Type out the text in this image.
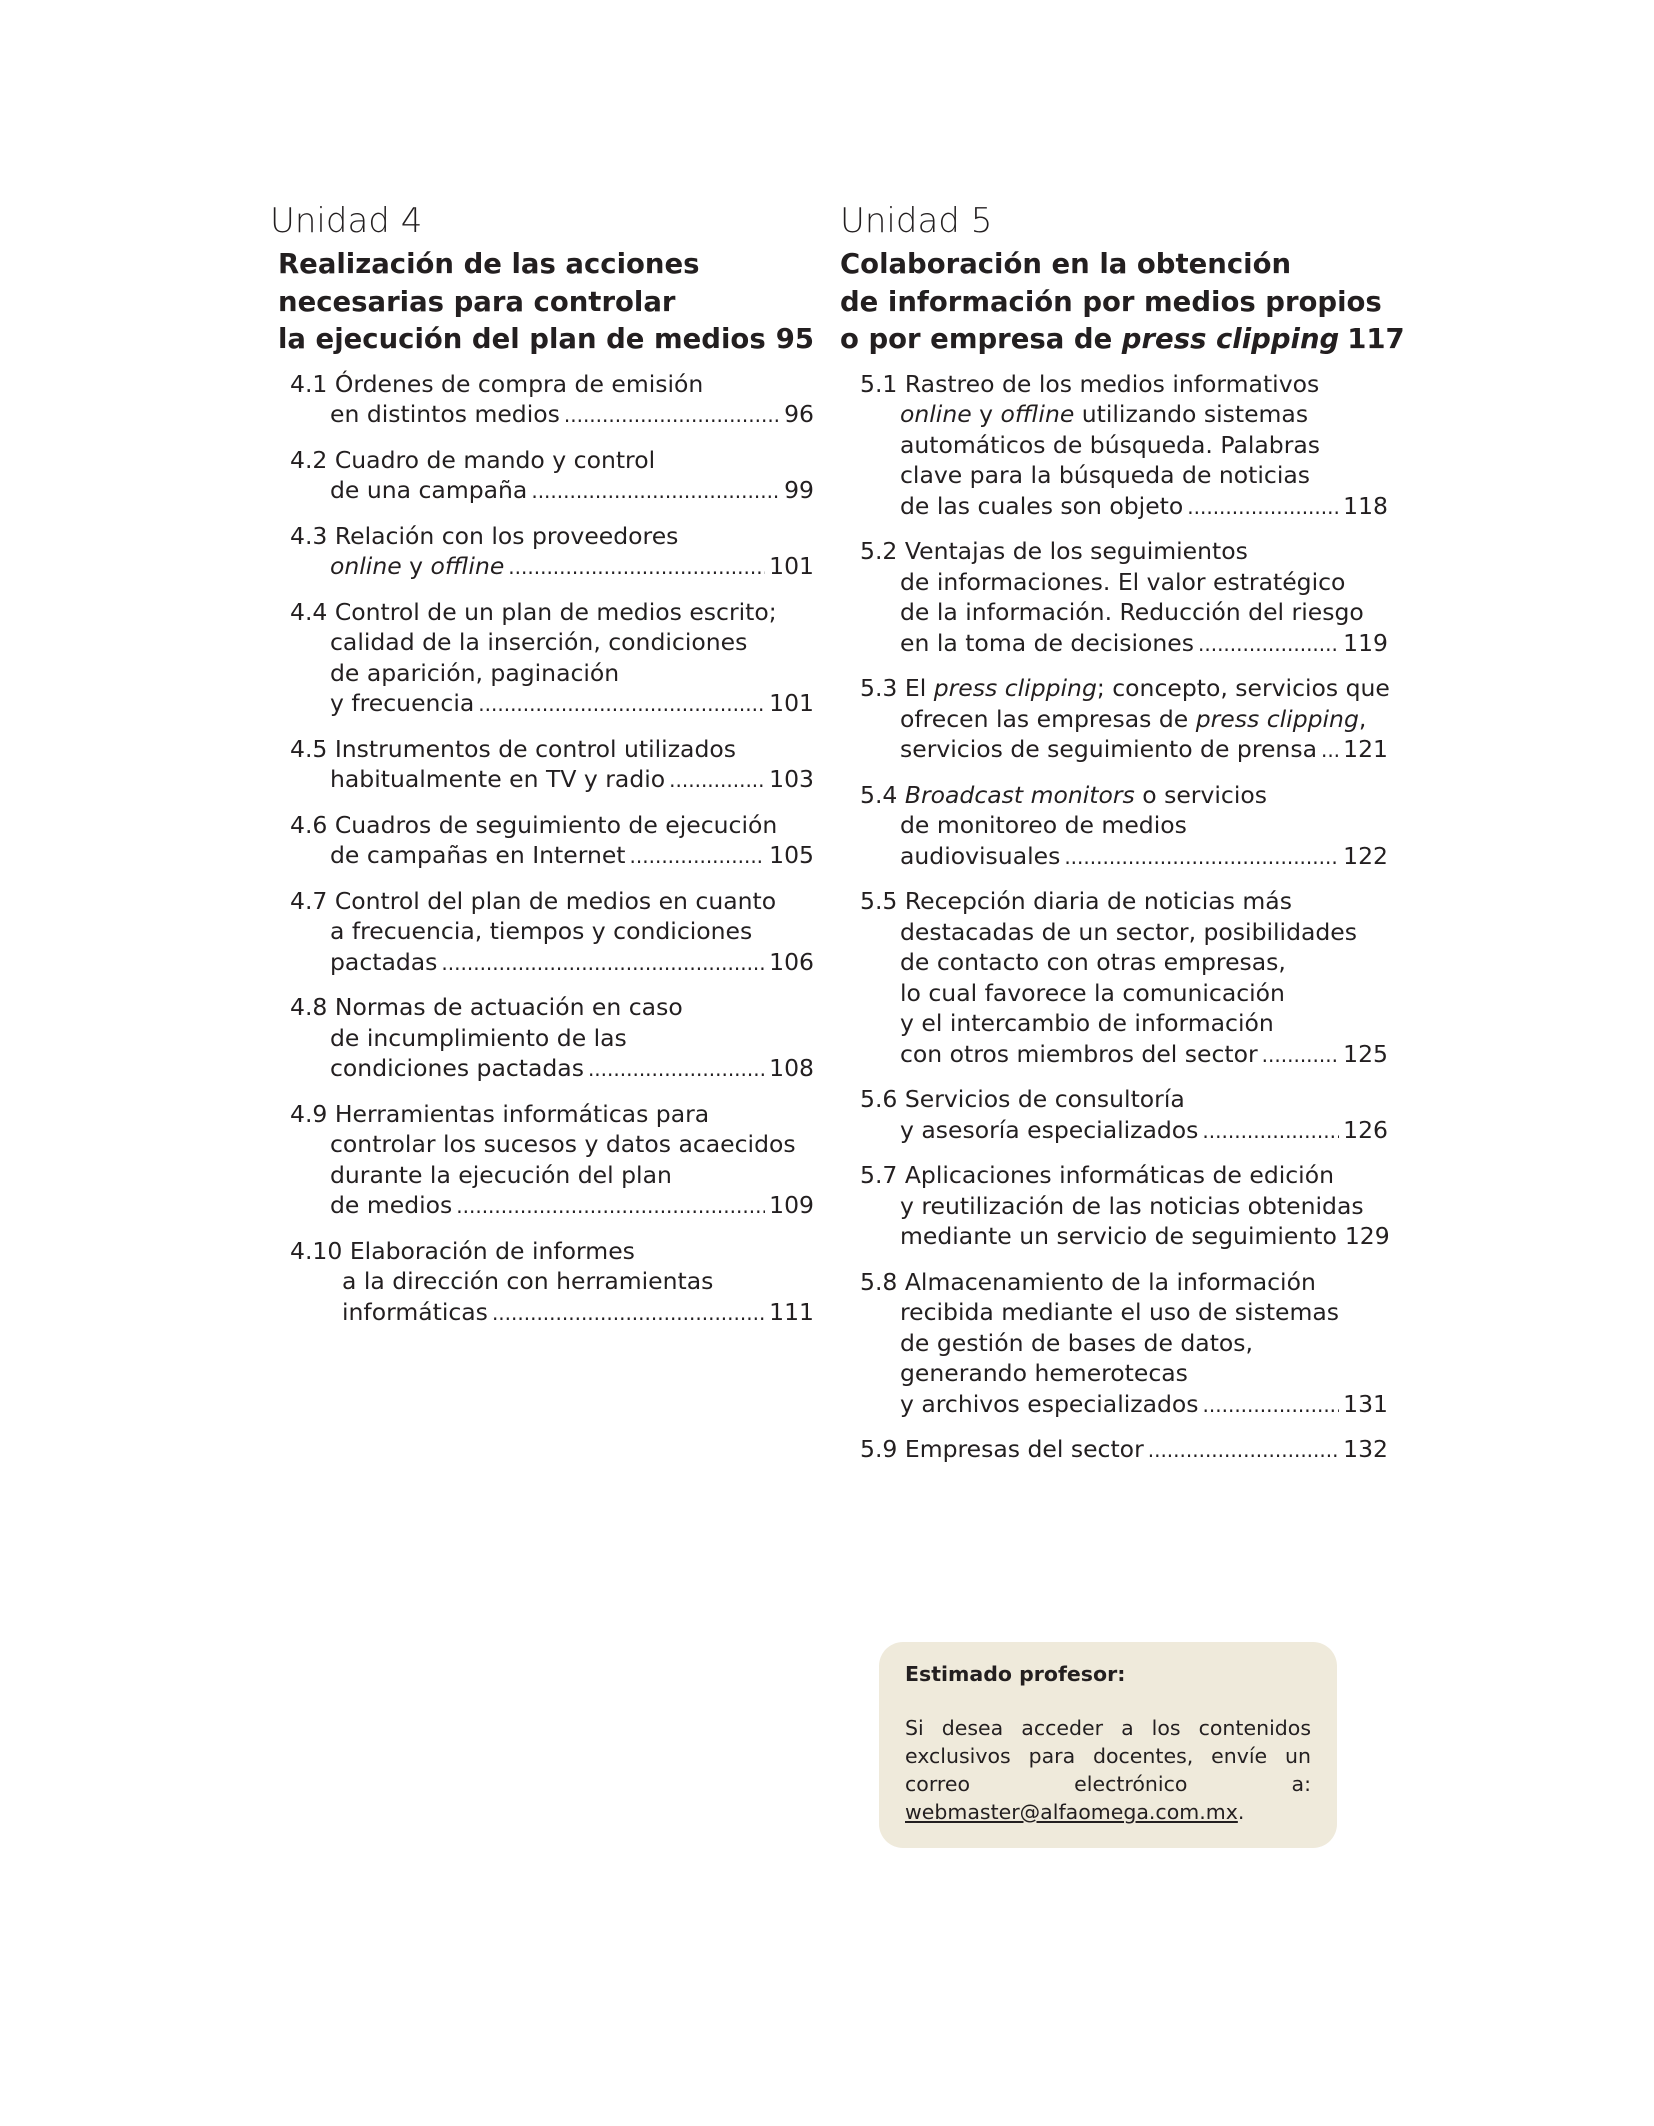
Unidad 4
Realización de las acciones
necesarias para controlar
la ejecución del plan de medios ..... 95
4.1 Órdenes de compra de emisión
en distintos medios .....	96
4.2 Cuadro de mando y control
de una campaña .....	99
4.3 Relación con los proveedores
online y offline .....	101
4.4 Control de un plan de medios escrito;
calidad de la inserción, condiciones
de aparición, paginación
y frecuencia .....	101
4.5 Instrumentos de control utilizados
habitualmente en TV y radio .....	103
4.6 Cuadros de seguimiento de ejecución
de campañas en Internet .....	105
4.7 Control del plan de medios en cuanto
a frecuencia, tiempos y condiciones
pactadas .....	106
4.8 Normas de actuación en caso
de incumplimiento de las
condiciones pactadas .....	108
4.9 Herramientas informáticas para
controlar los sucesos y datos acaecidos
durante la ejecución del plan
de medios .....	109
4.10 Elaboración de informes
a la dirección con herramientas
informáticas .....	111
Unidad 5
Colaboración en la obtención
de información por medios propios
o por empresa de press clipping 117
5.1 Rastreo de los medios informativos
online y offline utilizando sistemas
automáticos de búsqueda. Palabras
clave para la búsqueda de noticias
de las cuales son objeto .....	118
5.2 Ventajas de los seguimientos
de informaciones. El valor estratégico
de la información. Reducción del riesgo
en la toma de decisiones .....	119
5.3 El press clipping; concepto, servicios que
ofrecen las empresas de press clipping,
servicios de seguimiento de prensa ..... 121
5.4 Broadcast monitors o servicios
de monitoreo de medios
audiovisuales .....	122
5.5 Recepción diaria de noticias más
destacadas de un sector, posibilidades
de contacto con otras empresas,
lo cual favorece la comunicación
y el intercambio de información
con otros miembros del sector .....	125
5.6 Servicios de consultoría
y asesoría especializados .....	126
5.7 Aplicaciones informáticas de edición
y reutilización de las noticias obtenidas
mediante un servicio de seguimiento 129
5.8 Almacenamiento de la información
recibida mediante el uso de sistemas
de gestión de bases de datos,
generando hemerotecas
y archivos especializados .....	131
5.9 Empresas del sector .....	132

Estimado profesor:

Si desea acceder a los contenidos exclusivos para docentes, envíe un correo electrónico a: webmaster@alfaomega.com.mx.
